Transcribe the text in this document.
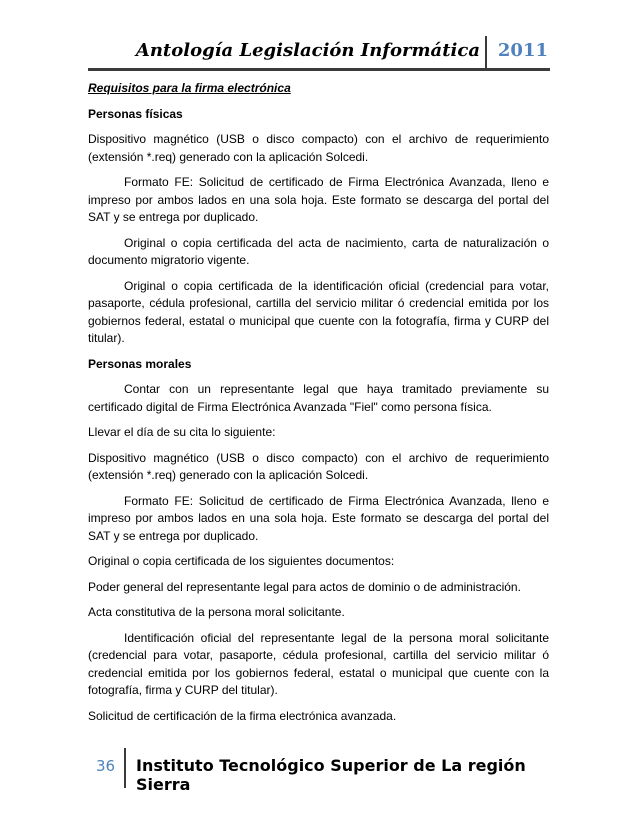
Antología Legislación Informática 2011

Requisitos para la firma electrónica

Personas físicas

Dispositivo magnético (USB o disco compacto) con el archivo de requerimiento (extensión *.req) generado con la aplicación Solcedi.

Formato FE: Solicitud de certificado de Firma Electrónica Avanzada, lleno e impreso por ambos lados en una sola hoja. Este formato se descarga del portal del SAT y se entrega por duplicado.

Original o copia certificada del acta de nacimiento, carta de naturalización o documento migratorio vigente.

Original o copia certificada de la identificación oficial (credencial para votar, pasaporte, cédula profesional, cartilla del servicio militar ó credencial emitida por los gobiernos federal, estatal o municipal que cuente con la fotografía, firma y CURP del titular).

Personas morales

Contar con un representante legal que haya tramitado previamente su certificado digital de Firma Electrónica Avanzada "Fiel" como persona física.

Llevar el día de su cita lo siguiente:

Dispositivo magnético (USB o disco compacto) con el archivo de requerimiento (extensión *.req) generado con la aplicación Solcedi.

Formato FE: Solicitud de certificado de Firma Electrónica Avanzada, lleno e impreso por ambos lados en una sola hoja. Este formato se descarga del portal del SAT y se entrega por duplicado.

Original o copia certificada de los siguientes documentos:

Poder general del representante legal para actos de dominio o de administración.

Acta constitutiva de la persona moral solicitante.

Identificación oficial del representante legal de la persona moral solicitante (credencial para votar, pasaporte, cédula profesional, cartilla del servicio militar ó credencial emitida por los gobiernos federal, estatal o municipal que cuente con la fotografía, firma y CURP del titular).

Solicitud de certificación de la firma electrónica avanzada.

36 Instituto Tecnológico Superior de La región Sierra
